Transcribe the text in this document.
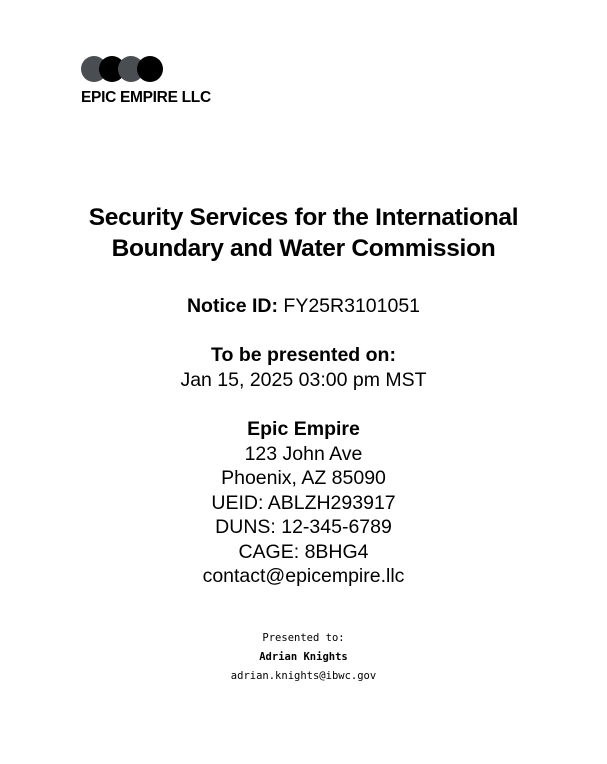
EPIC EMPIRE LLC
Security Services for the International
Boundary and Water Commission
Notice ID: FY25R3101051
To be presented on:
Jan 15, 2025 03:00 pm MST
Epic Empire
123 John Ave
Phoenix, AZ 85090
UEID: ABLZH293917
DUNS: 12-345-6789
CAGE: 8BHG4
contact@epicempire.llc
Presented to:
Adrian Knights
adrian.knights@ibwc.gov
